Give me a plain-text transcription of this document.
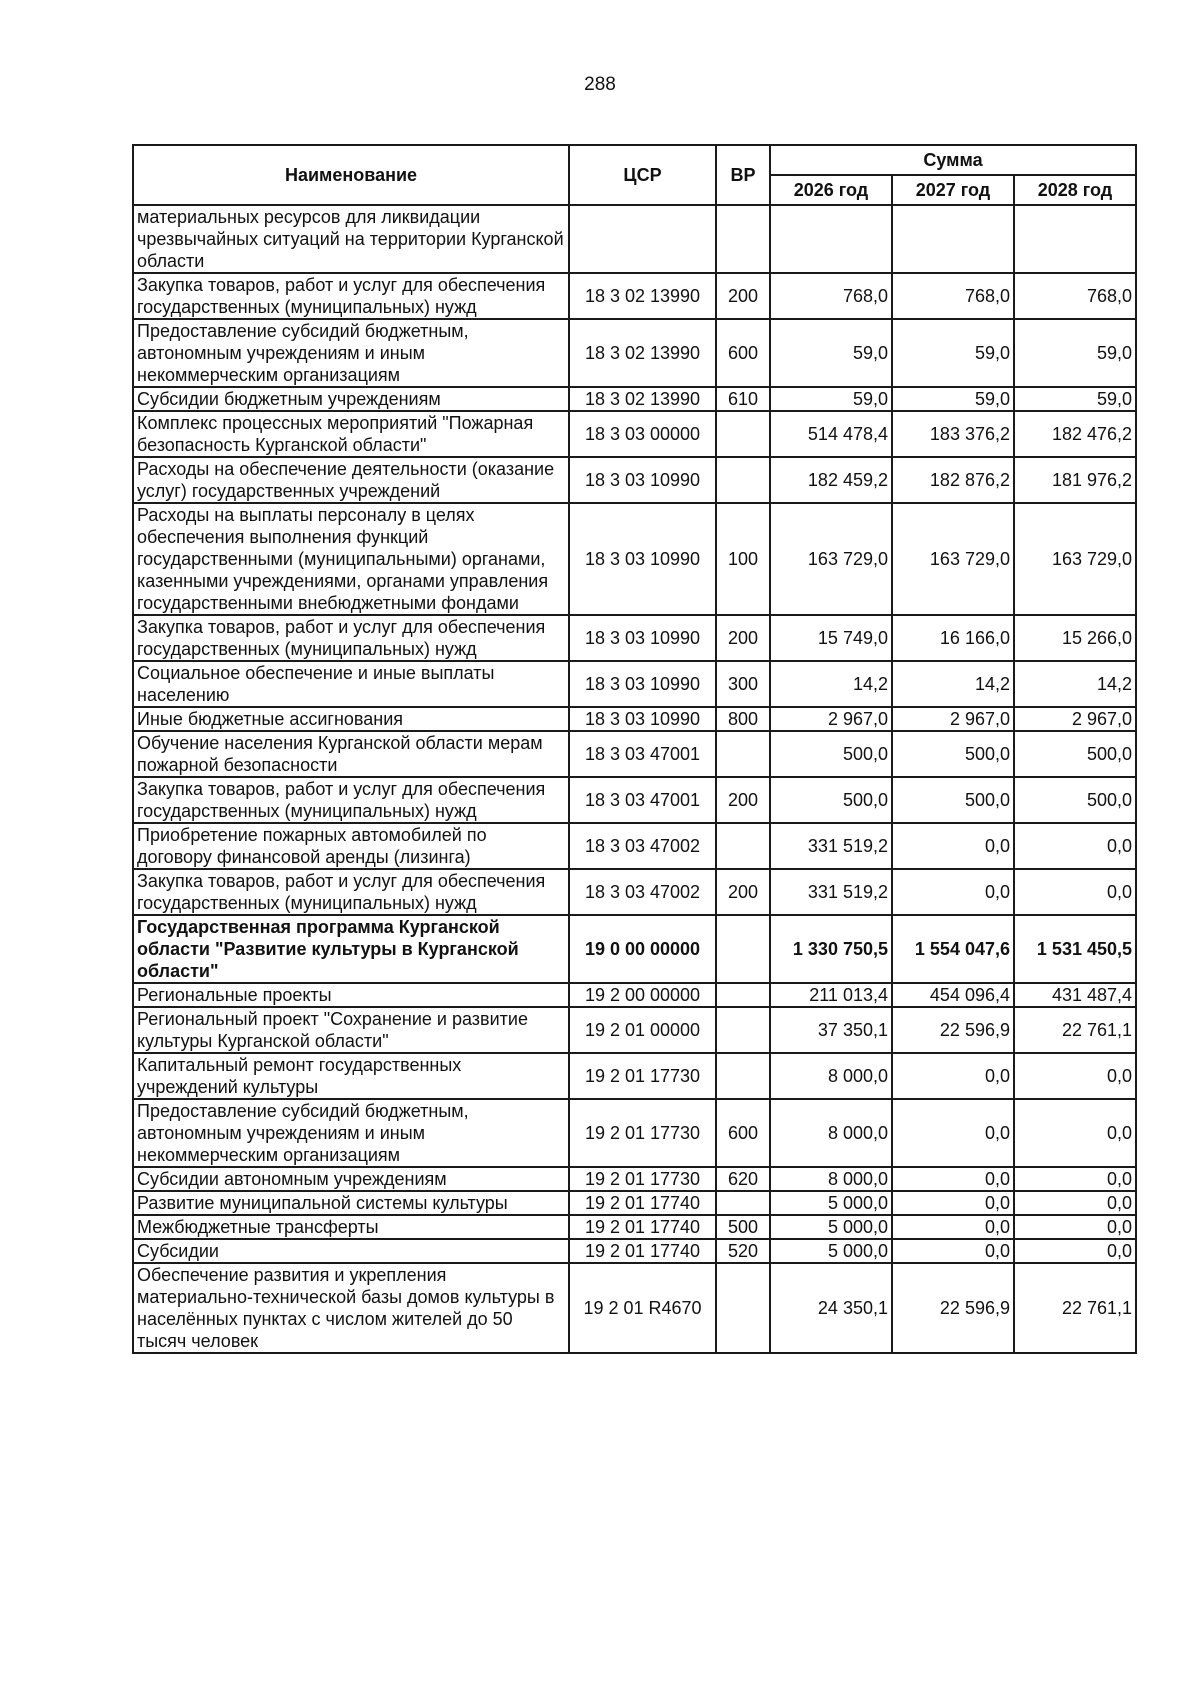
288
Наименование	ЦСР	ВР	Сумма		
			2026 год	2027 год	2028 год
материальных ресурсов для ликвидации чрезвычайных ситуаций на территории Курганской области					
Закупка товаров, работ и услуг для обеспечения государственных (муниципальных) нужд	18 3 02 13990	200	768,0	768,0	768,0
Предоставление субсидий бюджетным, автономным учреждениям и иным некоммерческим организациям	18 3 02 13990	600	59,0	59,0	59,0
Субсидии бюджетным учреждениям	18 3 02 13990	610	59,0	59,0	59,0
Комплекс процессных мероприятий "Пожарная безопасность Курганской области"	18 3 03 00000		514 478,4	183 376,2	182 476,2
Расходы на обеспечение деятельности (оказание услуг) государственных учреждений	18 3 03 10990		182 459,2	182 876,2	181 976,2
Расходы на выплаты персоналу в целях обеспечения выполнения функций государственными (муниципальными) органами, казенными учреждениями, органами управления государственными внебюджетными фондами	18 3 03 10990	100	163 729,0	163 729,0	163 729,0
Закупка товаров, работ и услуг для обеспечения государственных (муниципальных) нужд	18 3 03 10990	200	15 749,0	16 166,0	15 266,0
Социальное обеспечение и иные выплаты населению	18 3 03 10990	300	14,2	14,2	14,2
Иные бюджетные ассигнования	18 3 03 10990	800	2 967,0	2 967,0	2 967,0
Обучение населения Курганской области мерам пожарной безопасности	18 3 03 47001		500,0	500,0	500,0
Закупка товаров, работ и услуг для обеспечения государственных (муниципальных) нужд	18 3 03 47001	200	500,0	500,0	500,0
Приобретение пожарных автомобилей по договору финансовой аренды (лизинга)	18 3 03 47002		331 519,2	0,0	0,0
Закупка товаров, работ и услуг для обеспечения государственных (муниципальных) нужд	18 3 03 47002	200	331 519,2	0,0	0,0
Государственная программа Курганской области "Развитие культуры в Курганской области"	19 0 00 00000		1 330 750,5	1 554 047,6	1 531 450,5
Региональные проекты	19 2 00 00000		211 013,4	454 096,4	431 487,4
Региональный проект "Сохранение и развитие культуры Курганской области"	19 2 01 00000		37 350,1	22 596,9	22 761,1
Капитальный ремонт государственных учреждений культуры	19 2 01 17730		8 000,0	0,0	0,0
Предоставление субсидий бюджетным, автономным учреждениям и иным некоммерческим организациям	19 2 01 17730	600	8 000,0	0,0	0,0
Субсидии автономным учреждениям	19 2 01 17730	620	8 000,0	0,0	0,0
Развитие муниципальной системы культуры	19 2 01 17740		5 000,0	0,0	0,0
Межбюджетные трансферты	19 2 01 17740	500	5 000,0	0,0	0,0
Субсидии	19 2 01 17740	520	5 000,0	0,0	0,0
Обеспечение развития и укрепления материально-технической базы домов культуры в населённых пунктах с числом жителей до 50 тысяч человек	19 2 01 R4670		24 350,1	22 596,9	22 761,1
